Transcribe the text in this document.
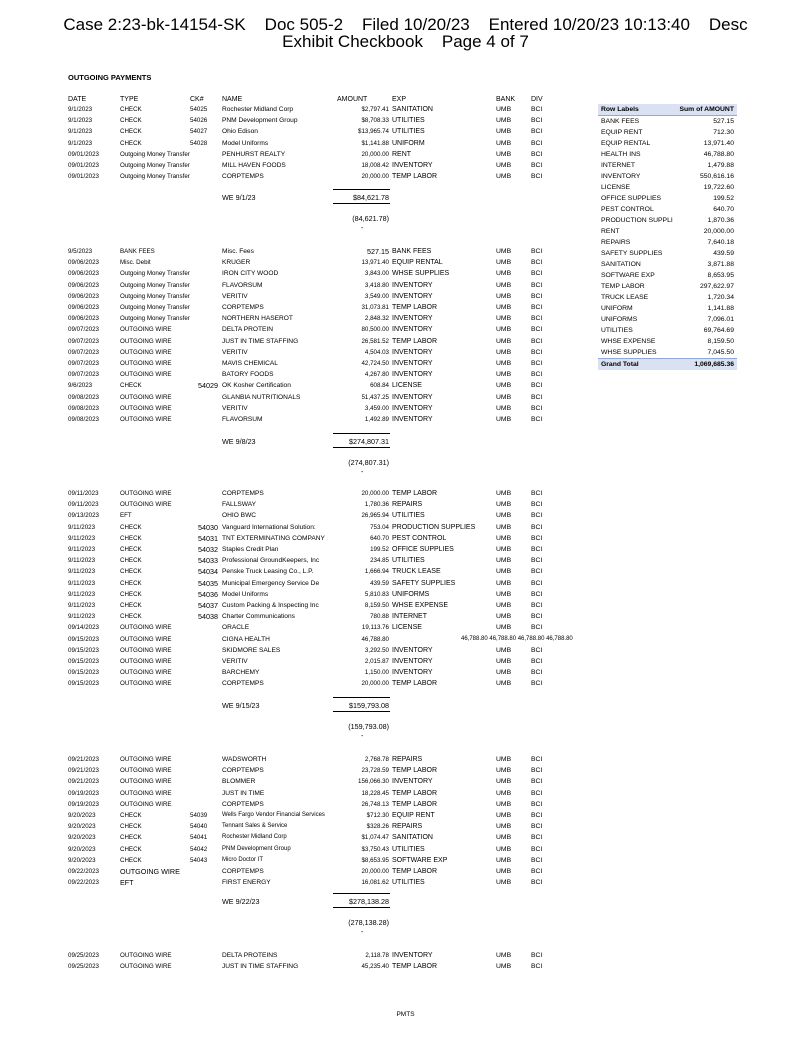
Case 2:23-bk-14154-SK    Doc 505-2    Filed 10/20/23    Entered 10/20/23 10:13:40    Desc
Exhibit Checkbook    Page 4 of 7
OUTGOING PAYMENTS
DATE	TYPE	CK#	NAME	AMOUNT	EXP	BANK DIV
9/1/2023	CHECK	54025 Rochester Midland Corp	$2,797.41 SANITATION	UMB	BCI
9/1/2023	CHECK	54026 PNM Development Group	$8,708.33 UTILITIES	UMB	BCI
9/1/2023	CHECK	54027 Ohio Edison	$13,965.74 UTILITIES	UMB	BCI
9/1/2023	CHECK	54028 Model Uniforms	$1,141.88 UNIFORM	UMB	BCI
09/01/2023	Outgoing Money Transfer	PENHURST REALTY	20,000.00 RENT	UMB	BCI
09/01/2023	Outgoing Money Transfer	MILL HAVEN FOODS	18,008.42 INVENTORY	UMB	BCI
09/01/2023	Outgoing Money Transfer	CORPTEMPS	20,000.00 TEMP LABOR	UMB	BCI
WE 9/1/23	$84,621.78
(84,621.78)
-
9/5/2023	BANK FEES	Misc. Fees	527.15 BANK FEES	UMB	BCI
09/06/2023	Misc. Debit	KRUGER	13,971.40 EQUIP RENTAL	UMB	BCI
09/06/2023	Outgoing Money Transfer	IRON CITY WOOD	3,843.00 WHSE SUPPLIES	UMB	BCI
09/06/2023	Outgoing Money Transfer	FLAVORSUM	3,418.80 INVENTORY	UMB	BCI
09/06/2023	Outgoing Money Transfer	VERITIV	3,549.00 INVENTORY	UMB	BCI
09/06/2023	Outgoing Money Transfer	CORPTEMPS	31,073.81 TEMP LABOR	UMB	BCI
09/06/2023	Outgoing Money Transfer	NORTHERN HASEROT	2,848.32 INVENTORY	UMB	BCI
09/07/2023	OUTGOING WIRE	DELTA PROTEIN	80,500.00 INVENTORY	UMB	BCI
09/07/2023	OUTGOING WIRE	JUST IN TIME STAFFING	26,581.52 TEMP LABOR	UMB	BCI
09/07/2023	OUTGOING WIRE	VERITIV	4,504.03 INVENTORY	UMB	BCI
09/07/2023	OUTGOING WIRE	MAVIS CHEMICAL	42,724.50 INVENTORY	UMB	BCI
09/07/2023	OUTGOING WIRE	BATORY FOODS	4,267.80 INVENTORY	UMB	BCI
9/6/2023	CHECK	54029 OK Kosher Certification	608.84 LICENSE	UMB	BCI
09/08/2023	OUTGOING WIRE	GLANBIA NUTRITIONALS	51,437.25 INVENTORY	UMB	BCI
09/08/2023	OUTGOING WIRE	VERITIV	3,459.00 INVENTORY	UMB	BCI
09/08/2023	OUTGOING WIRE	FLAVORSUM	1,492.89 INVENTORY	UMB	BCI
WE 9/8/23	$274,807.31
(274,807.31)
-
09/11/2023	OUTGOING WIRE	CORPTEMPS	20,000.00 TEMP LABOR	UMB	BCI
09/11/2023	OUTGOING WIRE	FALLSWAY	1,780.36 REPAIRS	UMB	BCI
09/13/2023	EFT	OHIO BWC	26,965.94 UTILITIES	UMB	BCI
9/11/2023	CHECK	54030 Vanguard International Solution:	753.04 PRODUCTION SUPPLIES	UMB	BCI
9/11/2023	CHECK	54031 TNT EXTERMINATING COMPANY	640.70 PEST CONTROL	UMB	BCI
9/11/2023	CHECK	54032 Staples Credit Plan	199.52 OFFICE SUPPLIES	UMB	BCI
9/11/2023	CHECK	54033 Professional GroundKeepers, Inc	234.85 UTILITIES	UMB	BCI
9/11/2023	CHECK	54034 Penske Truck Leasing Co., L.P.	1,666.94 TRUCK LEASE	UMB	BCI
9/11/2023	CHECK	54035 Municipal Emergency Service De	439.59 SAFETY SUPPLIES	UMB	BCI
9/11/2023	CHECK	54036 Model Uniforms	5,810.83 UNIFORMS	UMB	BCI
9/11/2023	CHECK	54037 Custom Packing & Inspecting Inc	8,159.50 WHSE EXPENSE	UMB	BCI
9/11/2023	CHECK	54038 Charter Communications	780.88 INTERNET	UMB	BCI
09/14/2023	OUTGOING WIRE	ORACLE	19,113.76 LICENSE	UMB	BCI
09/15/2023	OUTGOING WIRE	CIGNA HEALTH	46,788.80	46,788.80 46,788.80 46,788.80 46,788.80
09/15/2023	OUTGOING WIRE	SKIDMORE SALES	3,292.50 INVENTORY	UMB	BCI
09/15/2023	OUTGOING WIRE	VERITIV	2,015.87 INVENTORY	UMB	BCI
09/15/2023	OUTGOING WIRE	BARCHEMY	1,150.00 INVENTORY	UMB	BCI
09/15/2023	OUTGOING WIRE	CORPTEMPS	20,000.00 TEMP LABOR	UMB	BCI
WE 9/15/23	$159,793.08
(159,793.08)
-
09/21/2023	OUTGOING WIRE	WADSWORTH	2,768.78 REPAIRS	UMB	BCI
09/21/2023	OUTGOING WIRE	CORPTEMPS	23,728.59 TEMP LABOR	UMB	BCI
09/21/2023	OUTGOING WIRE	BLOMMER	156,066.30 INVENTORY	UMB	BCI
09/19/2023	OUTGOING WIRE	JUST IN TIME	18,228.45 TEMP LABOR	UMB	BCI
09/19/2023	OUTGOING WIRE	CORPTEMPS	26,748.13 TEMP LABOR	UMB	BCI
9/20/2023	CHECK	54039 Wells Fargo Vendor Financial Services	$712.30 EQUIP RENT	UMB	BCI
9/20/2023	CHECK	54040 Tennant Sales & Service	$328.26 REPAIRS	UMB	BCI
9/20/2023	CHECK	54041 Rochester Midland Corp	$1,074.47 SANITATION	UMB	BCI
9/20/2023	CHECK	54042 PNM Development Group	$3,750.43 UTILITIES	UMB	BCI
9/20/2023	CHECK	54043 Micro Doctor IT	$8,653.95 SOFTWARE EXP	UMB	BCI
09/22/2023	OUTGOING WIRE	CORPTEMPS	20,000.00 TEMP LABOR	UMB	BCI
09/22/2023	EFT	FIRST ENERGY	16,081.62 UTILITIES	UMB	BCI
WE 9/22/23	$278,138.28
(278,138.28)
-
09/25/2023	OUTGOING WIRE	DELTA PROTEINS	2,118.78 INVENTORY	UMB	BCI
09/25/2023	OUTGOING WIRE	JUST IN TIME STAFFING	45,235.40 TEMP LABOR	UMB	BCI
Row Labels	Sum of AMOUNT
BANK FEES	527.15
EQUIP RENT	712.30
EQUIP RENTAL	13,971.40
HEALTH INS	46,788.80
INTERNET	1,479.88
INVENTORY	550,616.16
LICENSE	19,722.60
OFFICE SUPPLIES	199.52
PEST CONTROL	640.70
PRODUCTION SUPPLI	1,870.36
RENT	20,000.00
REPAIRS	7,640.18
SAFETY SUPPLIES	439.59
SANITATION	3,871.88
SOFTWARE EXP	8,653.95
TEMP LABOR	297,622.97
TRUCK LEASE	1,720.34
UNIFORM	1,141.88
UNIFORMS	7,096.01
UTILITIES	69,764.69
WHSE EXPENSE	8,159.50
WHSE SUPPLIES	7,045.50
Grand Total	1,069,685.36
PMTS
